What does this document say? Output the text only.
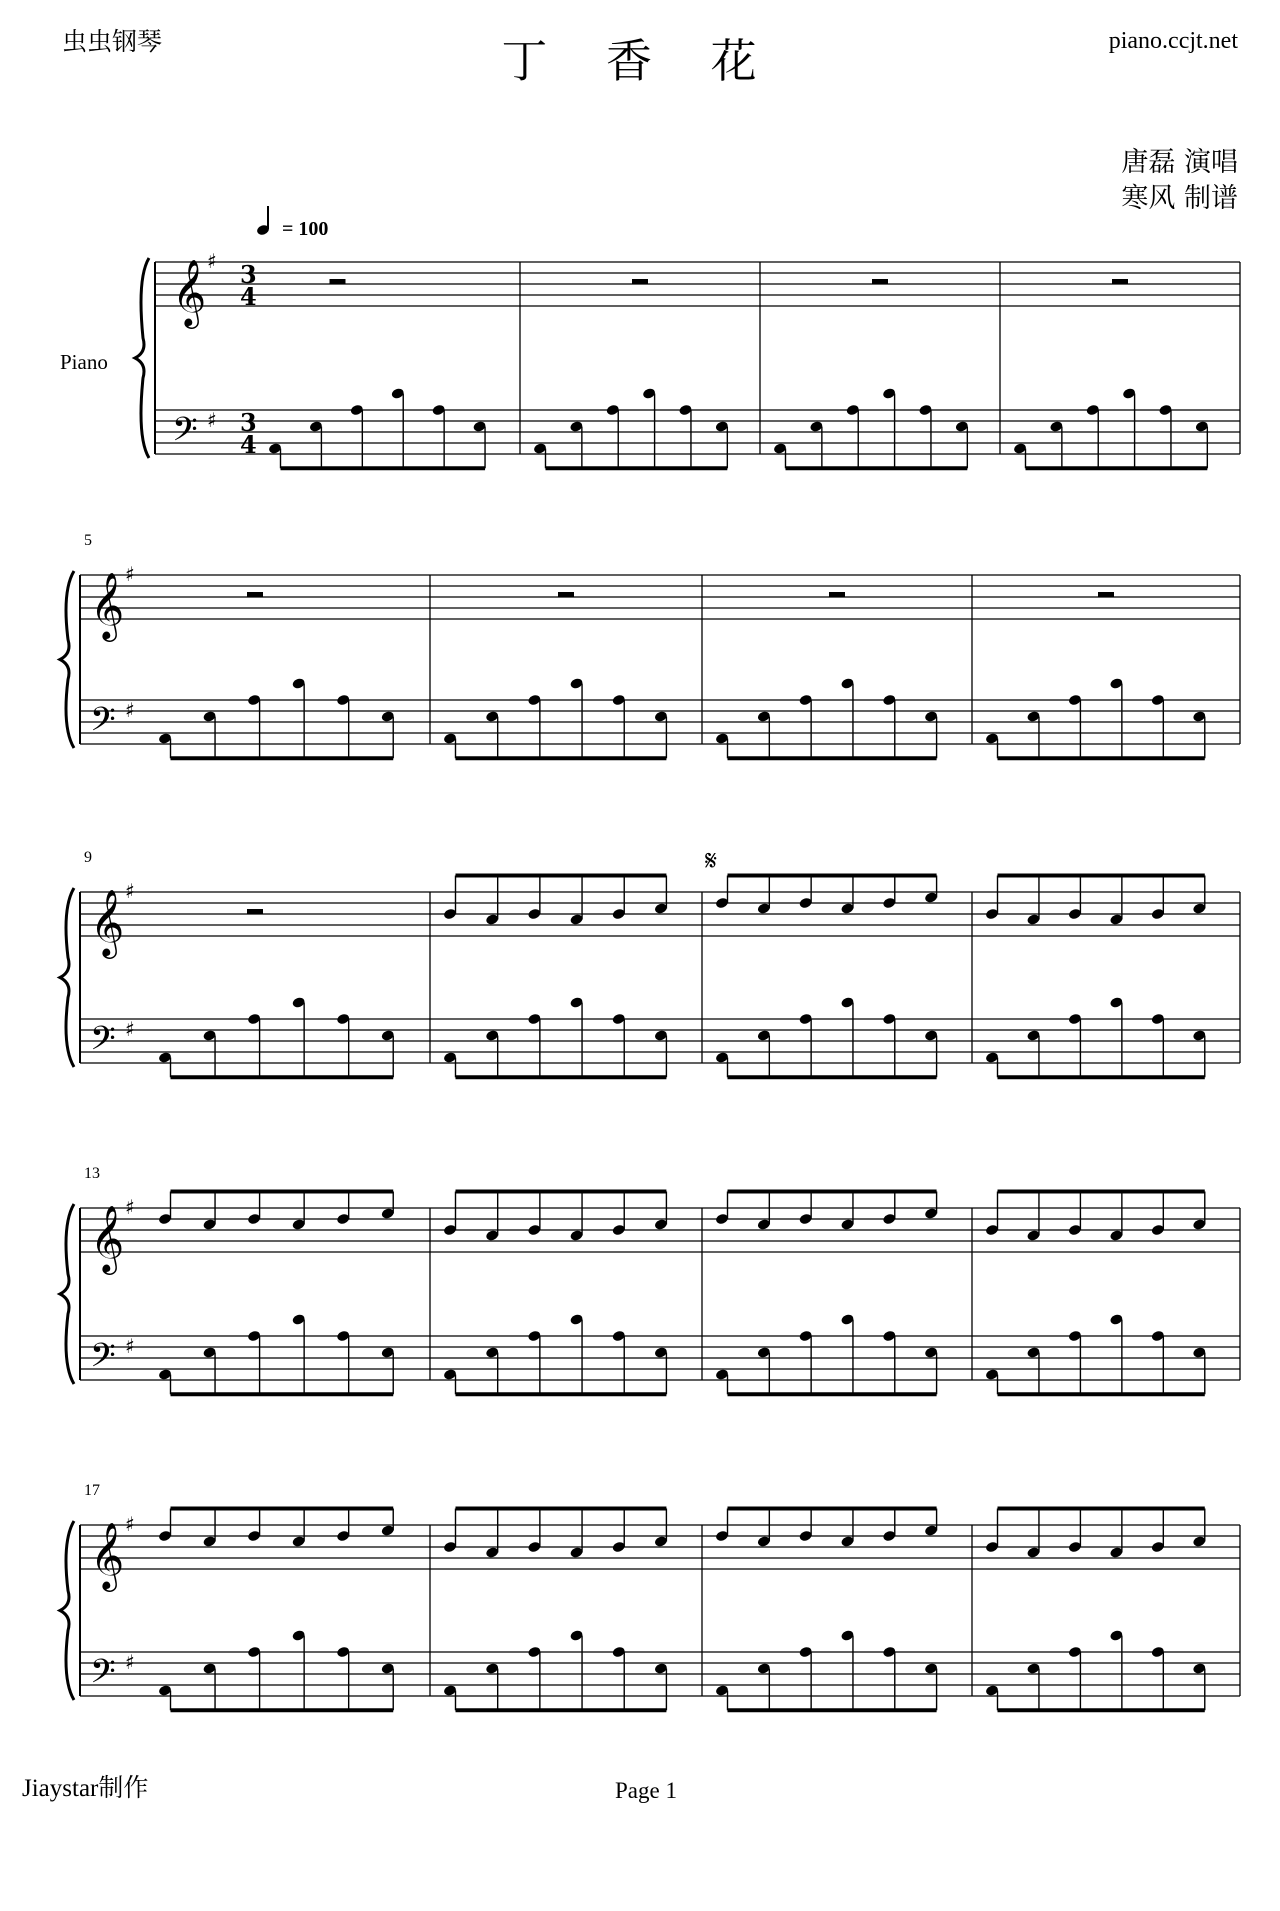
虫虫钢琴	丁 香 花	piano.ccjt.net
唐磊 演唱
寒风 制谱
𝄞
𝄢
♯
♯
3
4
3
4
𝄞
𝄢
♯
♯
5
𝄞
𝄢
♯
♯
9	𝄋
𝄞
𝄢
♯
♯
13
𝄞
𝄢
♯
♯
17
= 100
Piano
Jiaystar制作	Page 1
